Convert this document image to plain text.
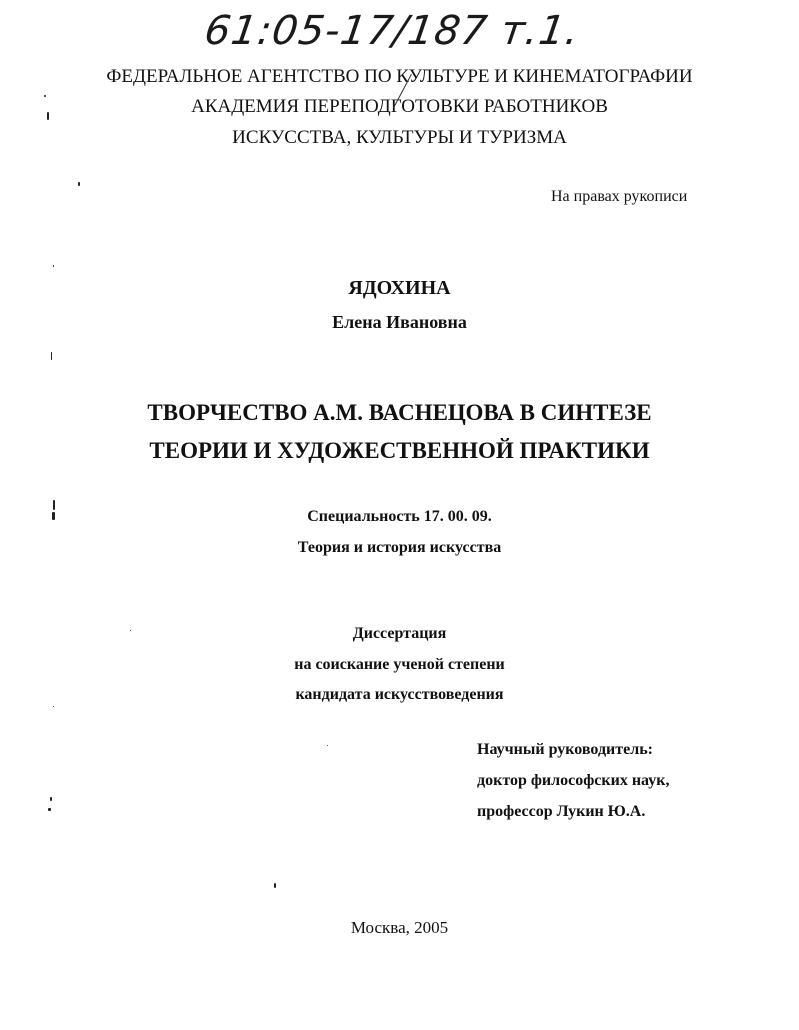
61:05-17/187 т.1.
ФЕДЕРАЛЬНОЕ АГЕНТСТВО ПО КУЛЬТУРЕ И КИНЕМАТОГРАФИИ
АКАДЕМИЯ ПЕРЕПОДГОТОВКИ РАБОТНИКОВ
ИСКУССТВА, КУЛЬТУРЫ И ТУРИЗМА
На правах рукописи
ЯДОХИНА
Елена Ивановна
ТВОРЧЕСТВО А.М. ВАСНЕЦОВА В СИНТЕЗЕ
ТЕОРИИ И ХУДОЖЕСТВЕННОЙ ПРАКТИКИ
Специальность 17. 00. 09.
Теория и история искусства
Диссертация
на соискание ученой степени
кандидата искусствоведения
Научный руководитель:
доктор философских наук,
профессор Лукин Ю.А.
Москва, 2005
